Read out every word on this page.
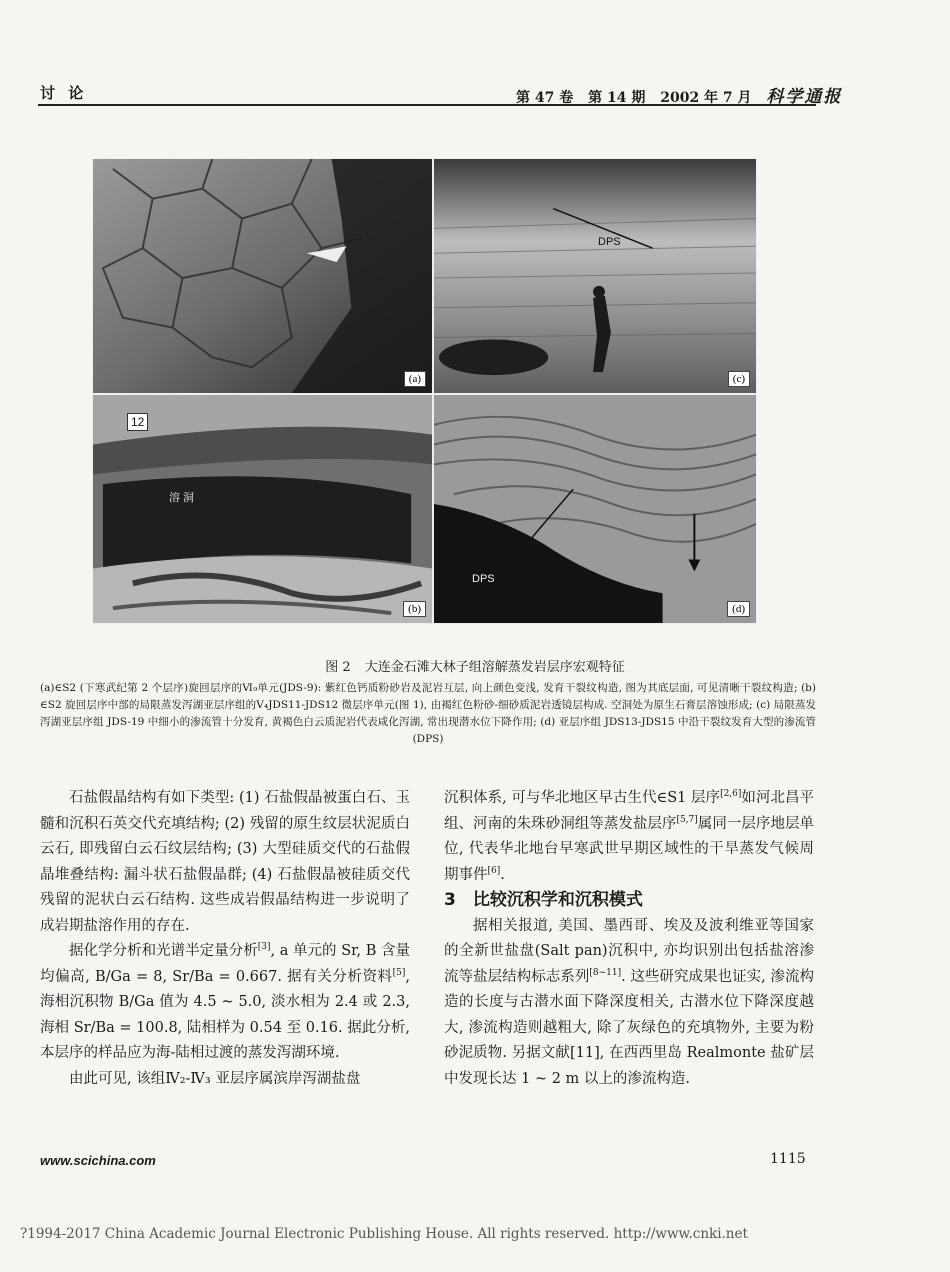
讨 论	第 47 卷 第 14 期 2002 年 7 月 科学通报
(a)
DPS
(c)
12
溶 洞
(b)
DPS
(d)
图 2 大连金石滩大林子组溶解蒸发岩层序宏观特征
(a)∈S2 (下寒武纪第 2 个层序)旋回层序的Ⅵ₉单元(JDS-9): 紫红色钙质粉砂岩及泥岩互层, 向上颜色变浅, 发育干裂纹构造, 图为其底层面, 可见清晰干裂纹构造; (b) ∈S2 旋回层序中部的局限蒸发泻湖亚层序组的Ⅴ₄JDS11-JDS12 微层序单元(图 1), 由褐红色粉砂-细砂质泥岩透镜层构成. 空洞处为原生石膏层溶蚀形成; (c) 局限蒸发泻湖亚层序组 JDS-19 中细小的渗流管十分发育, 黄褐色白云质泥岩代表咸化泻湖, 常出现潜水位下降作用; (d) 亚层序组 JDS13-JDS15 中沿干裂纹发育大型的渗流管(DPS)

石盐假晶结构有如下类型: (1) 石盐假晶被蛋白石、玉髓和沉积石英交代充填结构; (2) 残留的原生纹层状泥质白云石, 即残留白云石纹层结构; (3) 大型硅质交代的石盐假晶堆叠结构: 漏斗状石盐假晶群; (4) 石盐假晶被硅质交代残留的泥状白云石结构. 这些成岩假晶结构进一步说明了成岩期盐溶作用的存在.

据化学分析和光谱半定量分析[3], a 单元的 Sr, B 含量均偏高, B/Ga = 8, Sr/Ba = 0.667. 据有关分析资料[5], 海相沉积物 B/Ga 值为 4.5 ~ 5.0, 淡水相为 2.4 或 2.3, 海相 Sr/Ba = 100.8, 陆相样为 0.54 至 0.16. 据此分析, 本层序的样品应为海-陆相过渡的蒸发泻湖环境.

由此可见, 该组Ⅳ₂-Ⅳ₃ 亚层序属滨岸泻湖盐盘

沉积体系, 可与华北地区早古生代∈S1 层序[2,6]如河北昌平组、河南的朱珠砂洞组等蒸发盐层序[5,7]属同一层序地层单位, 代表华北地台早寒武世早期区域性的干旱蒸发气候周期事件[6].

3　比较沉积学和沉积模式

据相关报道, 美国、墨西哥、埃及及波利维亚等国家的全新世盐盘(Salt pan)沉积中, 亦均识别出包括盐溶渗流等盐层结构标志系列[8~11]. 这些研究成果也证实, 渗流构造的长度与古潜水面下降深度相关, 古潜水位下降深度越大, 渗流构造则越粗大, 除了灰绿色的充填物外, 主要为粉砂泥质物. 另据文献[11], 在西西里岛 Realmonte 盐矿层中发现长达 1 ~ 2 m 以上的渗流构造.

www.scichina.com	1115
?1994-2017 China Academic Journal Electronic Publishing House. All rights reserved. http://www.cnki.net
